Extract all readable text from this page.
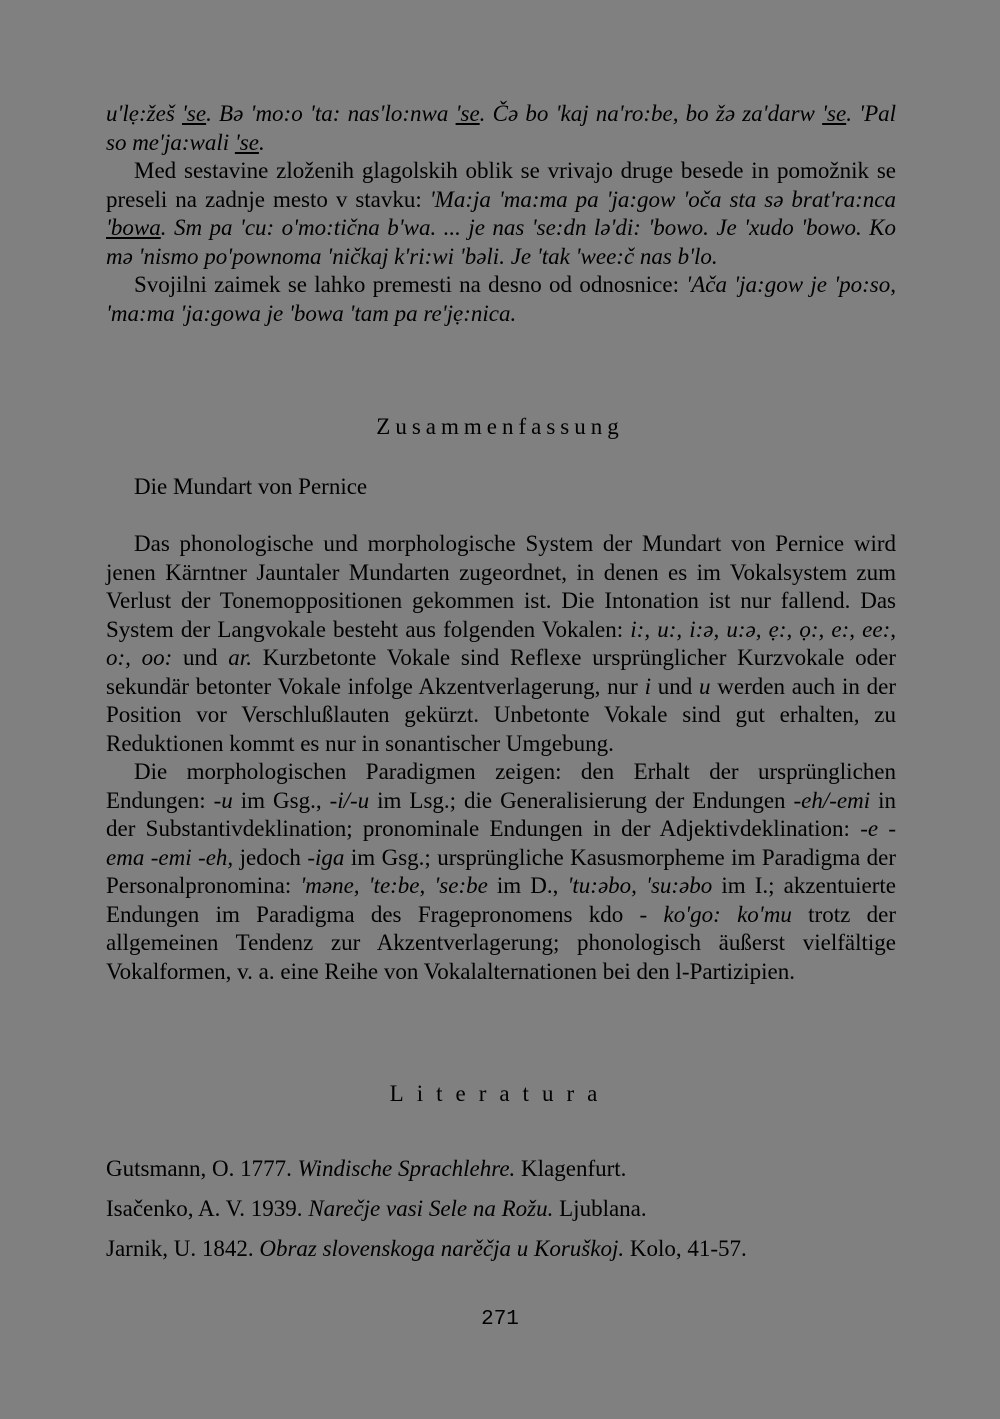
u'lẹ:žeš 'se. Bə 'mo:o 'ta: nas'lo:nwa 'se. Čə bo 'kaj na'ro:be, bo žə za'darw 'se. 'Pal so me'ja:wali 'se.

Med sestavine zloženih glagolskih oblik se vrivajo druge besede in pomožnik se preseli na zadnje mesto v stavku: 'Ma:ja 'ma:ma pa 'ja:gow 'oča sta sə brat'ra:nca 'bowa. Sm pa 'cu: o'mo:tična b'wa. ... je nas 'se:dn lə'di: 'bowo. Je 'xudo 'bowo. Ko mə 'nismo po'pownoma 'ničkaj k'ri:wi 'bəli. Je 'tak 'wee:č nas b'lo.

Svojilni zaimek se lahko premesti na desno od odnosnice: 'Ača 'ja:gow je 'po:so, 'ma:ma 'ja:gowa je 'bowa 'tam pa re'jẹ:nica.

Zusammenfassung
Die Mundart von Pernice

Das phonologische und morphologische System der Mundart von Pernice wird jenen Kärntner Jauntaler Mundarten zugeordnet, in denen es im Vokalsystem zum Verlust der Tonemoppositionen gekommen ist. Die Intonation ist nur fallend. Das System der Langvokale besteht aus folgenden Vokalen: i:, u:, i:ə, u:ə, ẹ:, ọ:, e:, ee:, o:, oo: und ar. Kurzbetonte Vokale sind Reflexe ursprünglicher Kurzvokale oder sekundär betonter Vokale infolge Akzentverlagerung, nur i und u werden auch in der Position vor Verschlußlauten gekürzt. Unbetonte Vokale sind gut erhalten, zu Reduktionen kommt es nur in sonantischer Umgebung.

Die morphologischen Paradigmen zeigen: den Erhalt der ursprünglichen Endungen: -u im Gsg., -i/-u im Lsg.; die Generalisierung der Endungen -eh/-emi in der Substantivdeklination; pronominale Endungen in der Adjektivdeklination: -e - ema -emi -eh, jedoch -iga im Gsg.; ursprüngliche Kasusmorpheme im Paradigma der Personalpronomina: 'məne, 'te:be, 'se:be im D., 'tu:əbo, 'su:əbo im I.; akzentuierte Endungen im Paradigma des Fragepronomens kdo - ko'go: ko'mu trotz der allgemeinen Tendenz zur Akzentverlagerung; phonologisch äußerst vielfältige Vokalformen, v. a. eine Reihe von Vokalalternationen bei den l-Partizipien.

Literatura
Gutsmann, O. 1777. Windische Sprachlehre. Klagenfurt.
Isačenko, A. V. 1939. Narečje vasi Sele na Rožu. Ljublana.
Jarnik, U. 1842. Obraz slovenskoga narěčja u Koruškoj. Kolo, 41-57.
271
